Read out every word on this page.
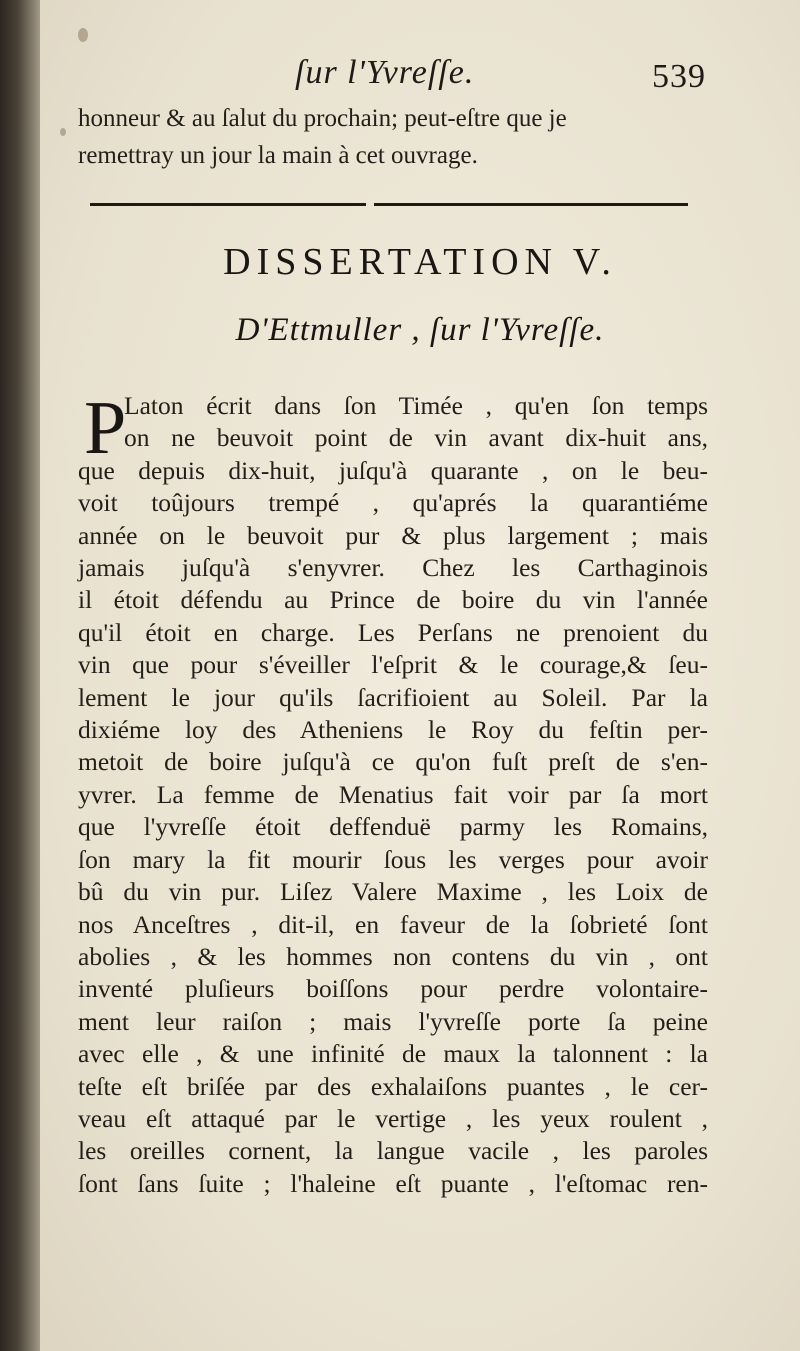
ſur l'Yvreſſe.	539
honneur & au ſalut du prochain; peut-eſtre que je
remettray un jour la main à cet ouvrage.
DISSERTATION V.
D'Ettmuller , ſur l'Yvreſſe.
P
Laton écrit dans ſon Timée , qu'en ſon temps
on ne beuvoit point de vin avant dix-huit ans,
que depuis dix-huit, juſqu'à quarante , on le beu-
voit toûjours trempé , qu'aprés la quarantiéme
année on le beuvoit pur & plus largement ; mais
jamais juſqu'à s'enyvrer. Chez les Carthaginois
il étoit défendu au Prince de boire du vin l'année
qu'il étoit en charge. Les Perſans ne prenoient du
vin que pour s'éveiller l'eſprit & le courage,& ſeu-
lement le jour qu'ils ſacrifioient au Soleil. Par la
dixiéme loy des Atheniens le Roy du feſtin per-
metoit de boire juſqu'à ce qu'on fuſt preſt de s'en-
yvrer. La femme de Menatius fait voir par ſa mort
que l'yvreſſe étoit deffenduë parmy les Romains,
ſon mary la fit mourir ſous les verges pour avoir
bû du vin pur. Liſez Valere Maxime , les Loix de
nos Anceſtres , dit-il, en faveur de la ſobrieté ſont
abolies , & les hommes non contens du vin , ont
inventé pluſieurs boiſſons pour perdre volontaire-
ment leur raiſon ; mais l'yvreſſe porte ſa peine
avec elle , & une infinité de maux la talonnent : la
teſte eſt briſée par des exhalaiſons puantes , le cer-
veau eſt attaqué par le vertige , les yeux roulent ,
les oreilles cornent, la langue vacile , les paroles
ſont ſans ſuite ; l'haleine eſt puante , l'eſtomac ren-
